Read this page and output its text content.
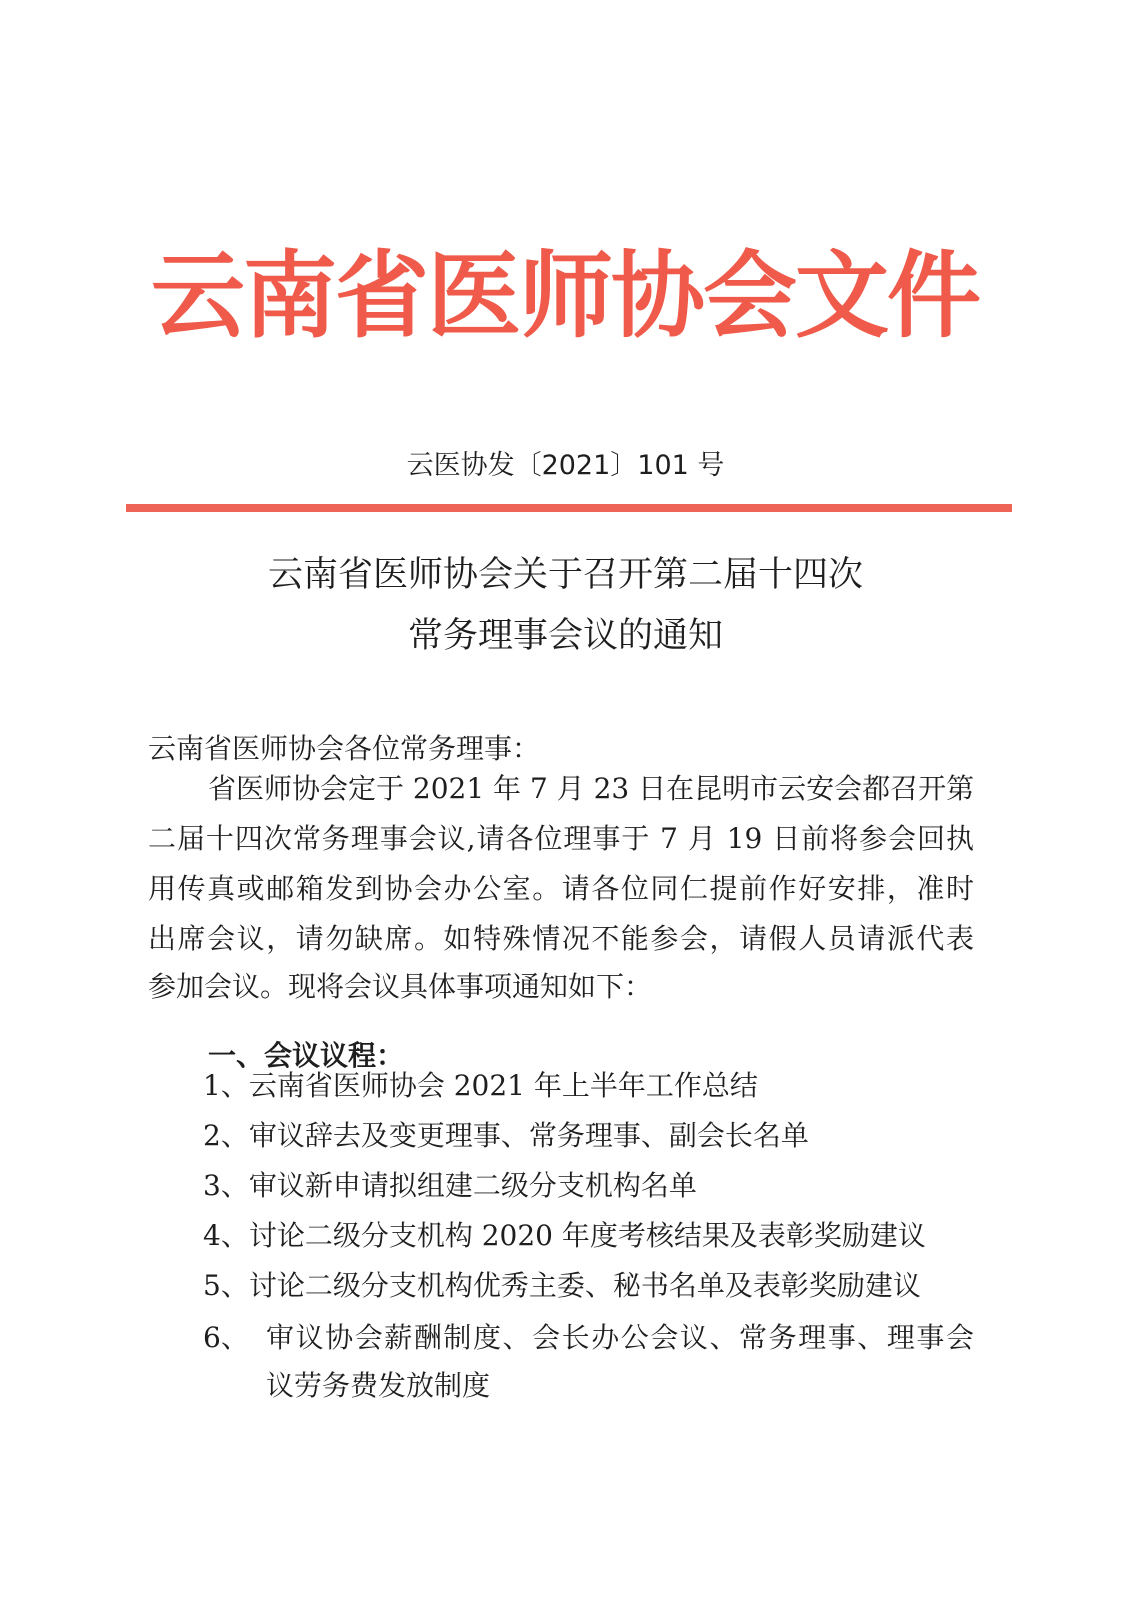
云南省医师协会文件
云医协发〔2021〕101 号
云南省医师协会关于召开第二届十四次
常务理事会议的通知
云南省医师协会各位常务理事：
省医师协会定于 2021 年 7 月 23 日在昆明市云安会都召开第
二届十四次常务理事会议,请各位理事于 7 月 19 日前将参会回执
用传真或邮箱发到协会办公室。请各位同仁提前作好安排，准时
出席会议，请勿缺席。如特殊情况不能参会，请假人员请派代表
参加会议。现将会议具体事项通知如下：
一、会议议程：
1、云南省医师协会 2021 年上半年工作总结
2、审议辞去及变更理事、常务理事、副会长名单
3、审议新申请拟组建二级分支机构名单
4、讨论二级分支机构 2020 年度考核结果及表彰奖励建议
5、讨论二级分支机构优秀主委、秘书名单及表彰奖励建议
6、 审议协会薪酬制度、会长办公会议、常务理事、理事会
议劳务费发放制度
